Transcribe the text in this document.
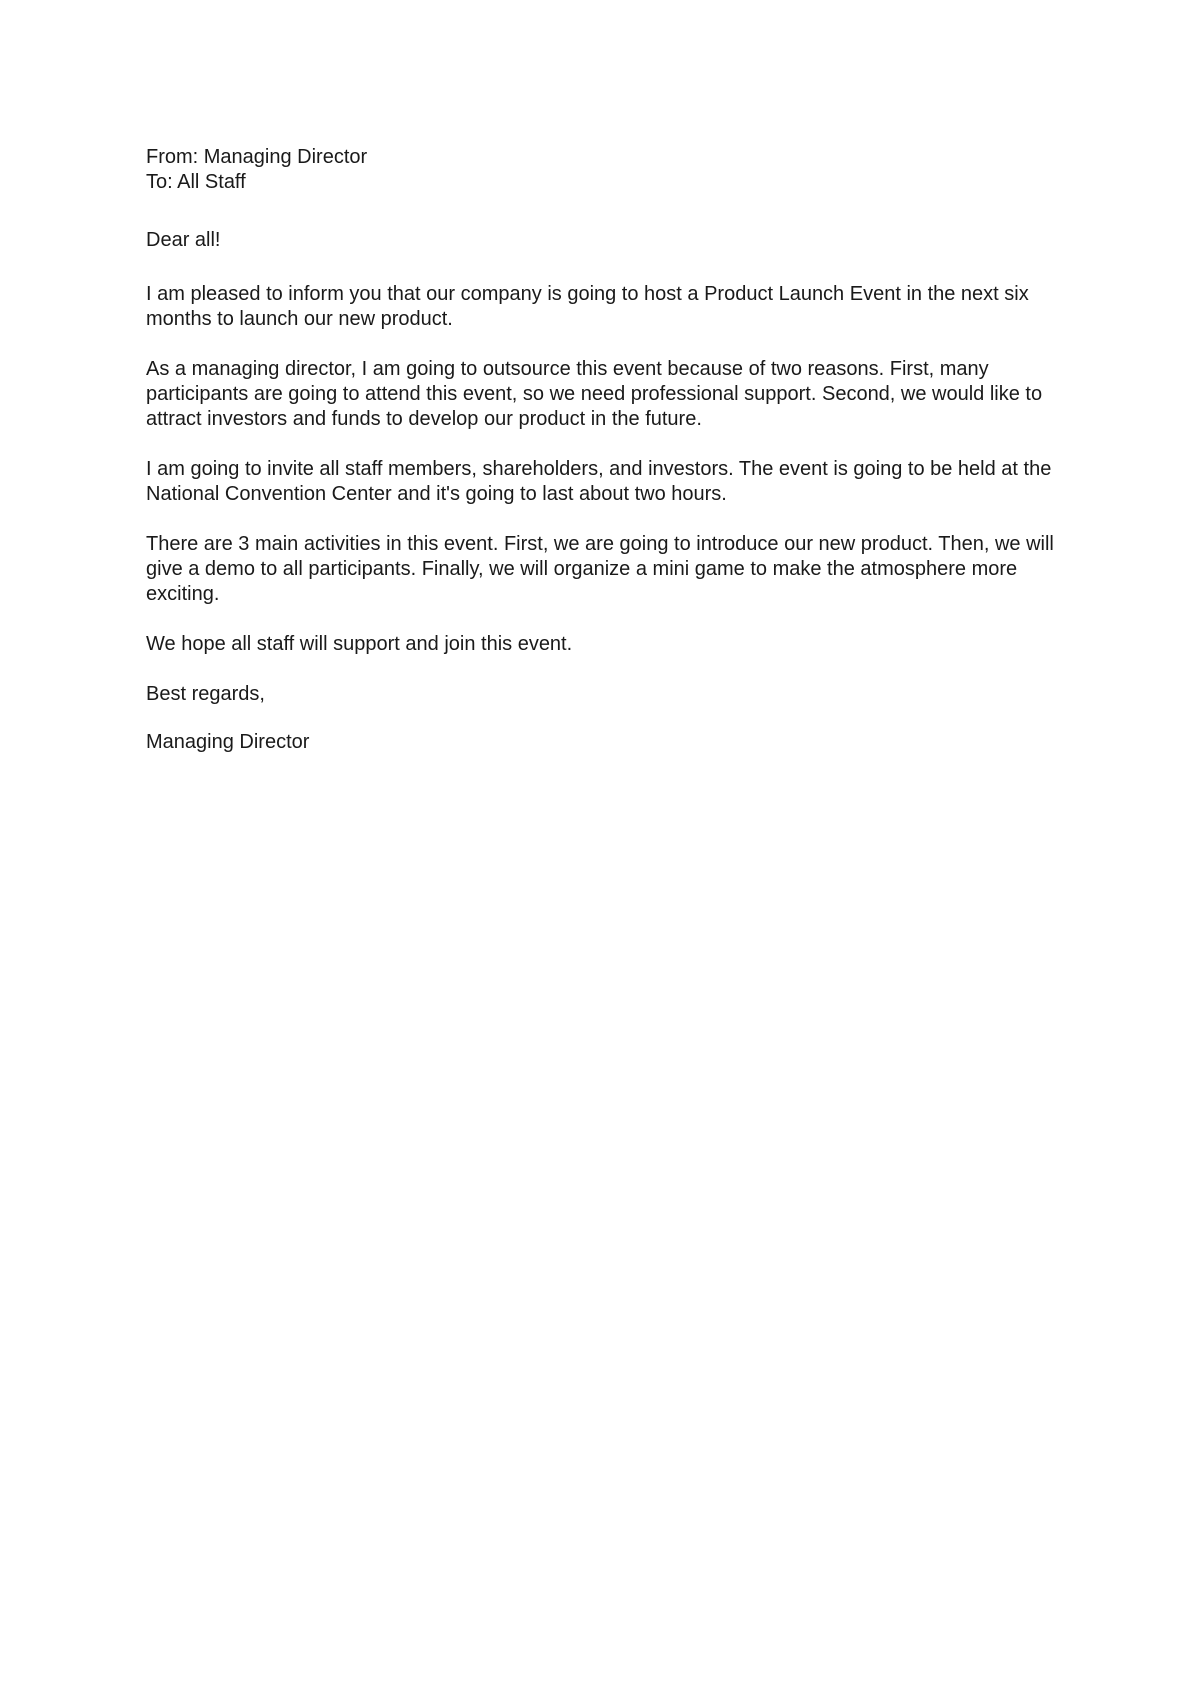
From: Managing Director

To: All Staff

Dear all!

I am pleased to inform you that our company is going to host a Product Launch Event in the next six months to launch our new product.

As a managing director, I am going to outsource this event because of two reasons. First, many participants are going to attend this event, so we need professional support. Second, we would like to attract investors and funds to develop our product in the future.

I am going to invite all staff members, shareholders, and investors. The event is going to be held at the National Convention Center and it's going to last about two hours.

There are 3 main activities in this event. First, we are going to introduce our new product. Then, we will give a demo to all participants. Finally, we will organize a mini game to make the atmosphere more exciting.

We hope all staff will support and join this event.

Best regards,

Managing Director
